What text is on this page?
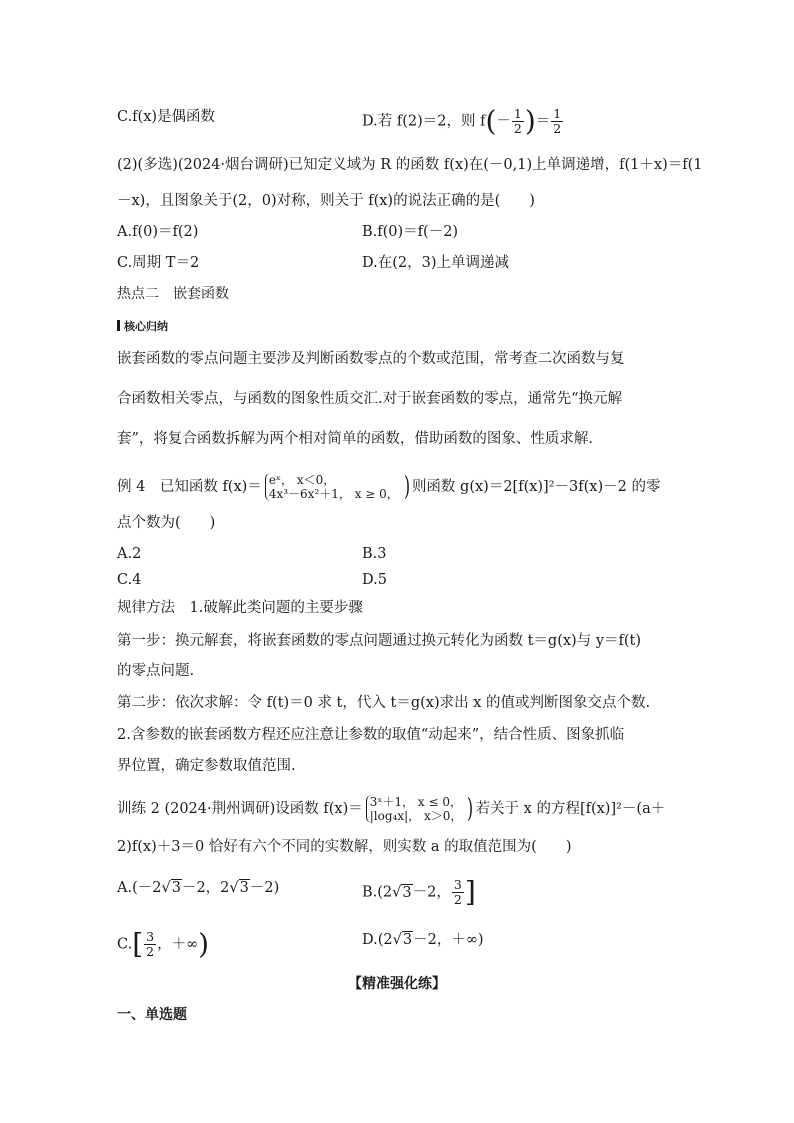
C.f(x)是偶函数	D.若 f(2)＝2，则 $f(- \frac{1}{2}$ )＝ $\frac{1}{2}$
(2)(多选)(2024·烟台调研)已知定义域为 R 的函数 f(x)在(－0,1)上单调递增，f(1＋x)＝f(1
－x)，且图象关于(2，0)对称，则关于 f(x)的说法正确的是(　　)
A.f(0)＝f(2)	B.f(0)＝f(－2)
C.周期 T＝2	D.在(2，3)上单调递减
热点二　嵌套函数
核心归纳
嵌套函数的零点问题主要涉及判断函数零点的个数或范围，常考查二次函数与复
合函数相关零点，与函数的图象性质交汇.对于嵌套函数的零点，通常先“换元解
套”，将复合函数拆解为两个相对简单的函数，借助函数的图象、性质求解.
例 4　已知函数 f(x)＝ eˣ， x＜0，
4x³－6x²＋1， x ≥ 0， ) 则函数 g(x)＝2[f(x)]²－3f(x)－2 的零
点个数为(　　)
A.2	B.3
C.4	D.5
规律方法　1.破解此类问题的主要步骤
第一步：换元解套，将嵌套函数的零点问题通过换元转化为函数 t＝g(x)与 y＝f(t)
的零点问题.
第二步：依次求解：令 f(t)＝0 求 t，代入 t＝g(x)求出 x 的值或判断图象交点个数.
2.含参数的嵌套函数方程还应注意让参数的取值“动起来”，结合性质、图象抓临
界位置，确定参数取值范围.
训练 2 (2024·荆州调研)设函数 f(x)＝ 3ˣ＋1， x ≤ 0，
|log₄x|， x＞0， ) 若关于 x 的方程[f(x)]²－(a＋
2)f(x)＋3＝0 恰好有六个不同的实数解，则实数 a 的取值范围为(　　)
A.(－2√3－2，2√3－2)	B.(2√3－2， $\frac{3}{2}$ ]
$C.[ \frac{3}{2}$ ，＋∞)	D.(2√3－2，＋∞)
【精准强化练】
一、单选题
